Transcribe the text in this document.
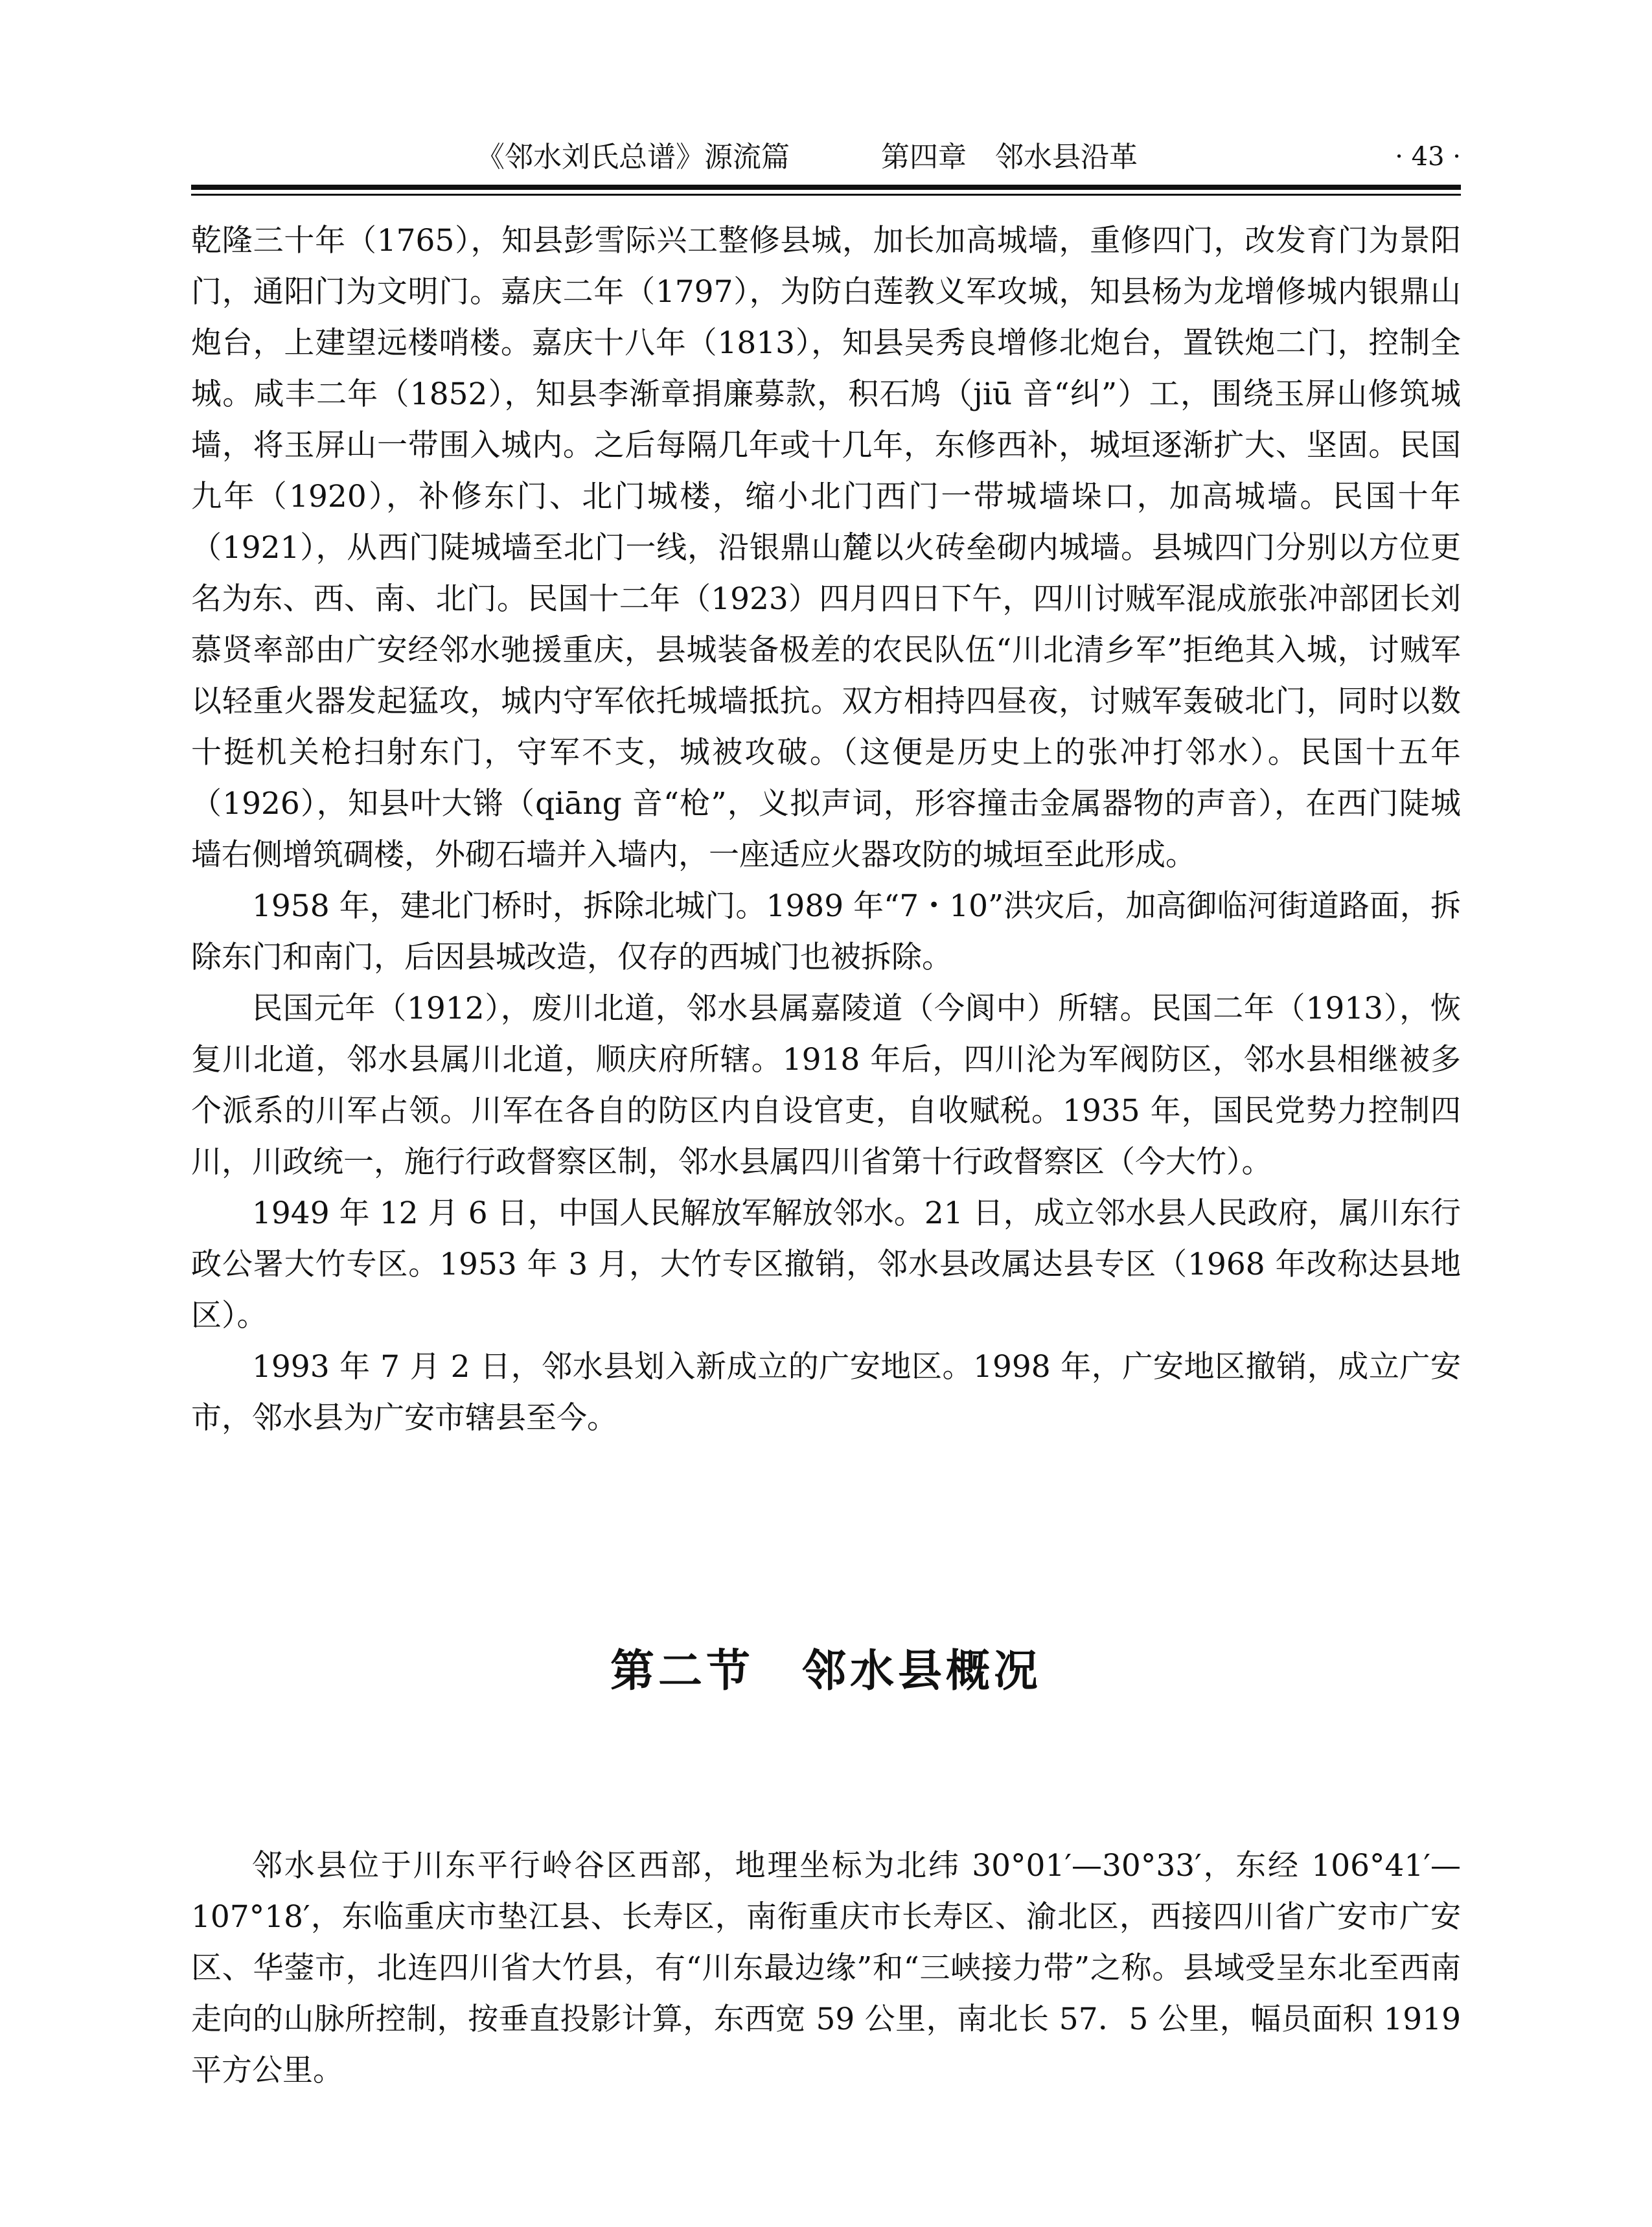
《邻水刘氏总谱》源流篇	第四章　邻水县沿革	· 43 ·

乾隆三十年（1765），知县彭雪际兴工整修县城，加长加高城墙，重修四门，改发育门为景阳门，通阳门为文明门。嘉庆二年（1797），为防白莲教义军攻城，知县杨为龙增修城内银鼎山炮台，上建望远楼哨楼。嘉庆十八年（1813），知县吴秀良增修北炮台，置铁炮二门，控制全城。咸丰二年（1852），知县李渐章捐廉募款，积石鸠（jiū 音“纠”）工，围绕玉屏山修筑城墙，将玉屏山一带围入城内。之后每隔几年或十几年，东修西补，城垣逐渐扩大、坚固。民国九年（1920），补修东门、北门城楼，缩小北门西门一带城墙垛口，加高城墙。民国十年（1921），从西门陡城墙至北门一线，沿银鼎山麓以火砖垒砌内城墙。县城四门分别以方位更名为东、西、南、北门。民国十二年（1923）四月四日下午，四川讨贼军混成旅张冲部团长刘慕贤率部由广安经邻水驰援重庆，县城装备极差的农民队伍“川北清乡军”拒绝其入城，讨贼军以轻重火器发起猛攻，城内守军依托城墙抵抗。双方相持四昼夜，讨贼军轰破北门，同时以数十挺机关枪扫射东门，守军不支，城被攻破。（这便是历史上的张冲打邻水）。民国十五年（1926），知县叶大锵（qiāng 音“枪”，义拟声词，形容撞击金属器物的声音），在西门陡城墙右侧增筑碉楼，外砌石墙并入墙内，一座适应火器攻防的城垣至此形成。

1958 年，建北门桥时，拆除北城门。1989 年“7・10”洪灾后，加高御临河街道路面，拆除东门和南门，后因县城改造，仅存的西城门也被拆除。

民国元年（1912），废川北道，邻水县属嘉陵道（今阆中）所辖。民国二年（1913），恢复川北道，邻水县属川北道，顺庆府所辖。1918 年后，四川沦为军阀防区，邻水县相继被多个派系的川军占领。川军在各自的防区内自设官吏，自收赋税。1935 年，国民党势力控制四川，川政统一，施行行政督察区制，邻水县属四川省第十行政督察区（今大竹）。

1949 年 12 月 6 日，中国人民解放军解放邻水。21 日，成立邻水县人民政府，属川东行政公署大竹专区。1953 年 3 月，大竹专区撤销，邻水县改属达县专区（1968 年改称达县地区）。

1993 年 7 月 2 日，邻水县划入新成立的广安地区。1998 年，广安地区撤销，成立广安市，邻水县为广安市辖县至今。

第二节　邻水县概况

邻水县位于川东平行岭谷区西部，地理坐标为北纬 30°01′—30°33′，东经 106°41′—107°18′，东临重庆市垫江县、长寿区，南衔重庆市长寿区、渝北区，西接四川省广安市广安区、华蓥市，北连四川省大竹县，有“川东最边缘”和“三峡接力带”之称。县域受呈东北至西南走向的山脉所控制，按垂直投影计算，东西宽 59 公里，南北长 57．5 公里，幅员面积 1919 平方公里。
